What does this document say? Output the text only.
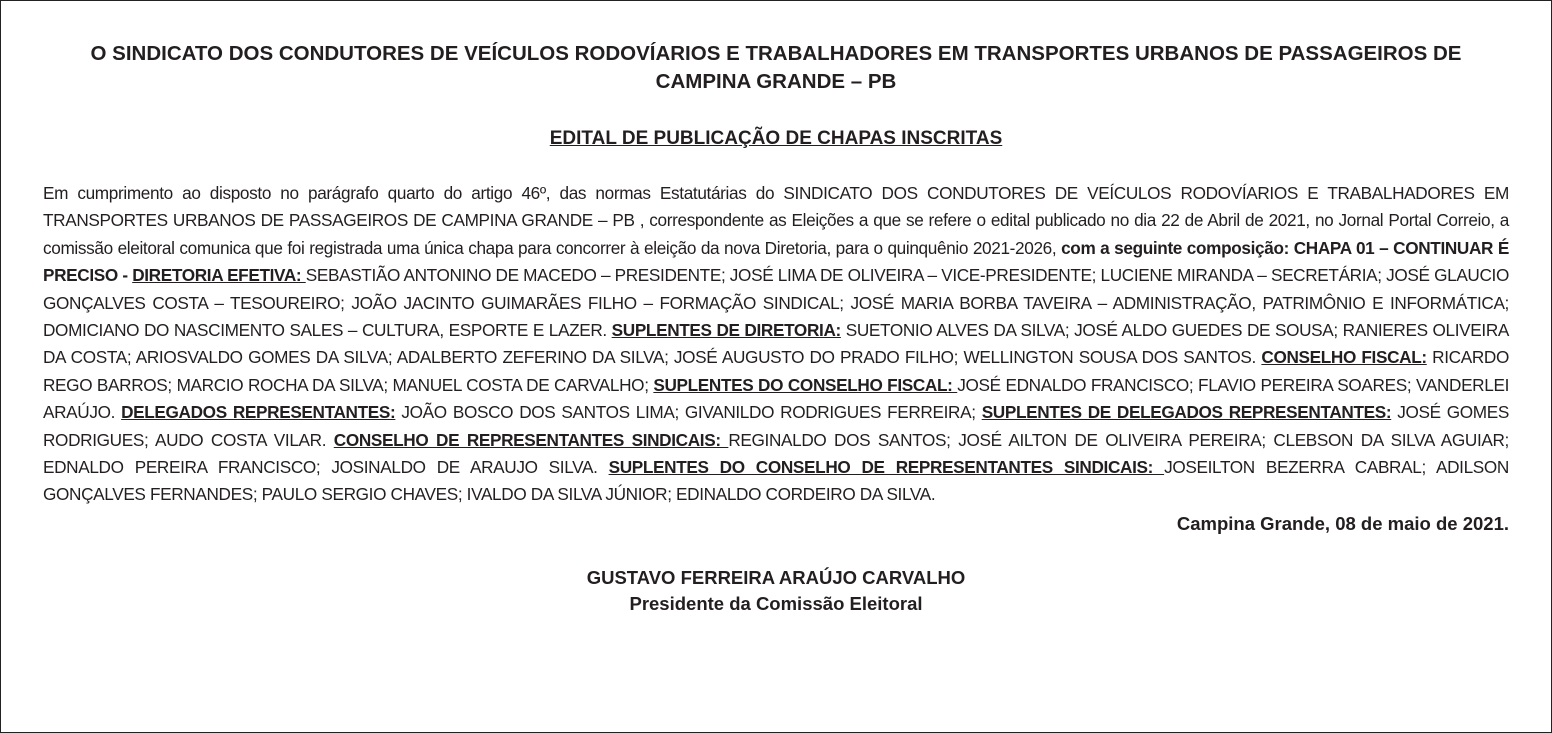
O SINDICATO DOS CONDUTORES DE VEÍCULOS RODOVÍARIOS E TRABALHADORES EM TRANSPORTES URBANOS DE PASSAGEIROS DE
CAMPINA GRANDE – PB

EDITAL DE PUBLICAÇÃO DE CHAPAS INSCRITAS

Em cumprimento ao disposto no parágrafo quarto do artigo 46º, das normas Estatutárias do SINDICATO DOS CONDUTORES DE VEÍCULOS RODOVÍARIOS E TRABALHADORES EM TRANSPORTES URBANOS DE PASSAGEIROS DE CAMPINA GRANDE – PB , correspondente as Eleições a que se refere o edital publicado no dia 22 de Abril de 2021, no Jornal Portal Correio, a comissão eleitoral comunica que foi registrada uma única chapa para concorrer à eleição da nova Diretoria, para o quinquênio 2021-2026, com a seguinte composição: CHAPA 01 – CONTINUAR É PRECISO - DIRETORIA EFETIVA: SEBASTIÃO ANTONINO DE MACEDO – PRESIDENTE; JOSÉ LIMA DE OLIVEIRA – VICE-PRESIDENTE; LUCIENE MIRANDA – SECRETÁRIA; JOSÉ GLAUCIO GONÇALVES COSTA – TESOUREIRO; JOÃO JACINTO GUIMARÃES FILHO – FORMAÇÃO SINDICAL; JOSÉ MARIA BORBA TAVEIRA – ADMINISTRAÇÃO, PATRIMÔNIO E INFORMÁTICA; DOMICIANO DO NASCIMENTO SALES – CULTURA, ESPORTE E LAZER. SUPLENTES DE DIRETORIA: SUETONIO ALVES DA SILVA; JOSÉ ALDO GUEDES DE SOUSA; RANIERES OLIVEIRA DA COSTA; ARIOSVALDO GOMES DA SILVA; ADALBERTO ZEFERINO DA SILVA; JOSÉ AUGUSTO DO PRADO FILHO; WELLINGTON SOUSA DOS SANTOS. CONSELHO FISCAL: RICARDO REGO BARROS; MARCIO ROCHA DA SILVA; MANUEL COSTA DE CARVALHO; SUPLENTES DO CONSELHO FISCAL: JOSÉ EDNALDO FRANCISCO; FLAVIO PEREIRA SOARES; VANDERLEI ARAÚJO. DELEGADOS REPRESENTANTES: JOÃO BOSCO DOS SANTOS LIMA; GIVANILDO RODRIGUES FERREIRA; SUPLENTES DE DELEGADOS REPRESENTANTES: JOSÉ GOMES RODRIGUES; AUDO COSTA VILAR. CONSELHO DE REPRESENTANTES SINDICAIS: REGINALDO DOS SANTOS; JOSÉ AILTON DE OLIVEIRA PEREIRA; CLEBSON DA SILVA AGUIAR; EDNALDO PEREIRA FRANCISCO; JOSINALDO DE ARAUJO SILVA. SUPLENTES DO CONSELHO DE REPRESENTANTES SINDICAIS: JOSEILTON BEZERRA CABRAL; ADILSON GONÇALVES FERNANDES; PAULO SERGIO CHAVES; IVALDO DA SILVA JÚNIOR; EDINALDO CORDEIRO DA SILVA.

Campina Grande, 08 de maio de 2021.

GUSTAVO FERREIRA ARAÚJO CARVALHO
Presidente da Comissão Eleitoral
